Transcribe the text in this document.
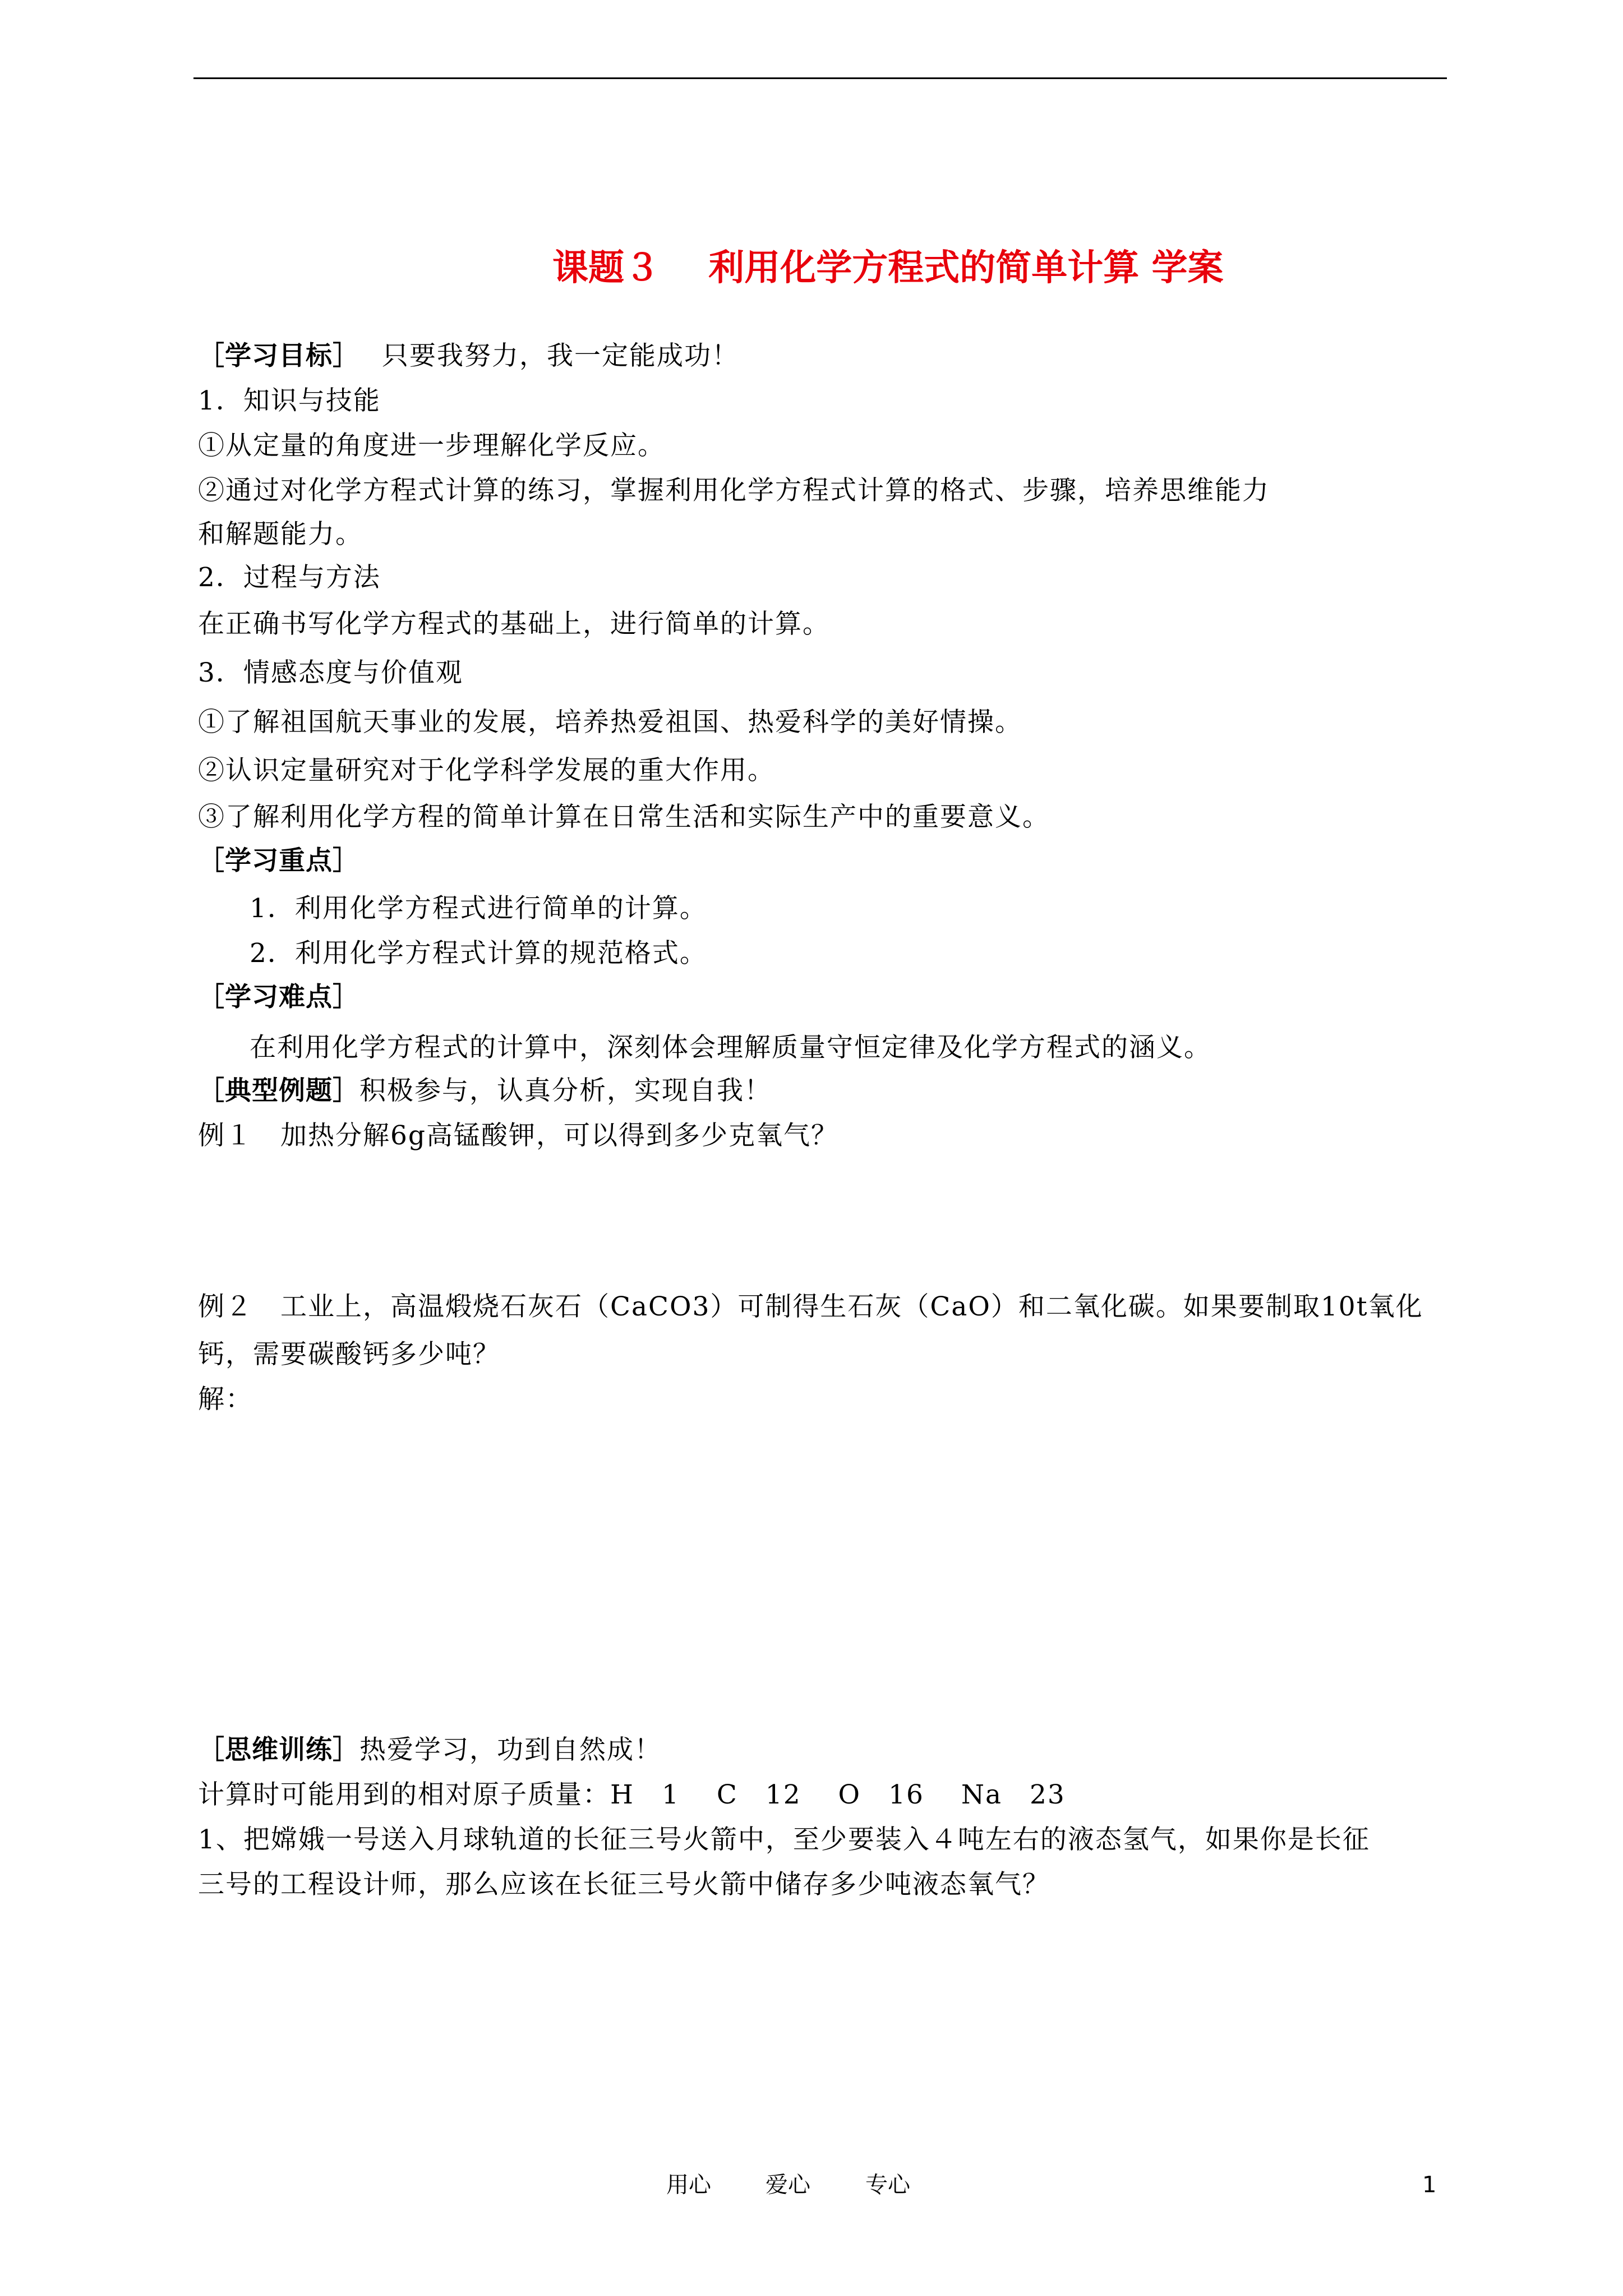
课题３　 利用化学方程式的简单计算 学案
［学习目标］ 只要我努力，我一定能成功！
1．知识与技能
①从定量的角度进一步理解化学反应。
②通过对化学方程式计算的练习，掌握利用化学方程式计算的格式、步骤，培养思维能力
和解题能力。
2．过程与方法
在正确书写化学方程式的基础上，进行简单的计算。
3．情感态度与价值观
①了解祖国航天事业的发展，培养热爱祖国、热爱科学的美好情操。
②认识定量研究对于化学科学发展的重大作用。
③了解利用化学方程的简单计算在日常生活和实际生产中的重要意义。
［学习重点］
1．利用化学方程式进行简单的计算。
2．利用化学方程式计算的规范格式。
［学习难点］
在利用化学方程式的计算中，深刻体会理解质量守恒定律及化学方程式的涵义。
［典型例题］积极参与，认真分析，实现自我！
例１　加热分解6g高锰酸钾，可以得到多少克氧气？
例２　工业上，高温煅烧石灰石（CaCO3）可制得生石灰（CaO）和二氧化碳。如果要制取10t氧化
钙，需要碳酸钙多少吨？
解：
［思维训练］热爱学习，功到自然成！
计算时可能用到的相对原子质量：H　1　 C　12　 O　16　 Na　23
1、把嫦娥一号送入月球轨道的长征三号火箭中，至少要装入４吨左右的液态氢气，如果你是长征
三号的工程设计师，那么应该在长征三号火箭中储存多少吨液态氧气？
用心 爱心 专心	1
